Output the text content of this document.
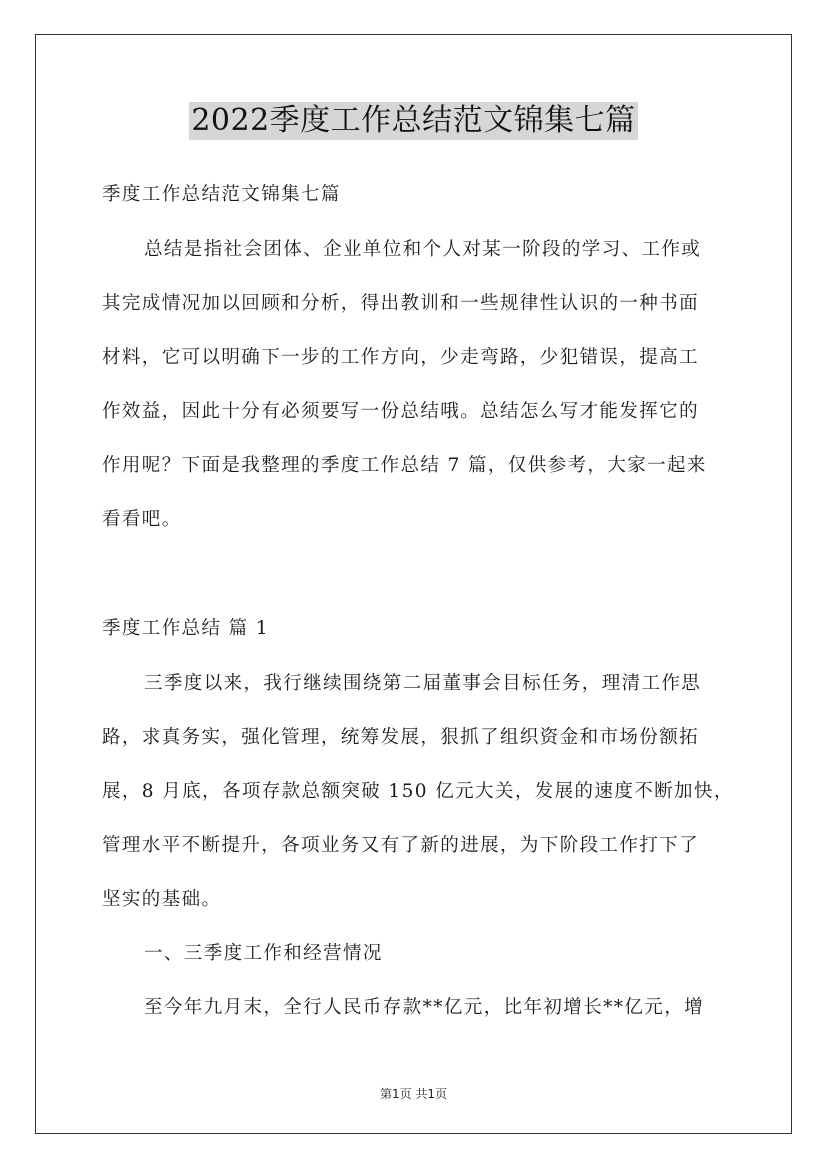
2022季度工作总结范文锦集七篇
季度工作总结范文锦集七篇
总结是指社会团体、企业单位和个人对某一阶段的学习、工作或
其完成情况加以回顾和分析，得出教训和一些规律性认识的一种书面
材料，它可以明确下一步的工作方向，少走弯路，少犯错误，提高工
作效益，因此十分有必须要写一份总结哦。总结怎么写才能发挥它的
作用呢？下面是我整理的季度工作总结 7 篇，仅供参考，大家一起来
看看吧。
季度工作总结 篇 1
三季度以来，我行继续围绕第二届董事会目标任务，理清工作思
路，求真务实，强化管理，统筹发展，狠抓了组织资金和市场份额拓
展，8 月底，各项存款总额突破 150 亿元大关，发展的速度不断加快，
管理水平不断提升，各项业务又有了新的进展，为下阶段工作打下了
坚实的基础。
一、三季度工作和经营情况
至今年九月末，全行人民币存款**亿元，比年初增长**亿元，增
第1页 共1页
